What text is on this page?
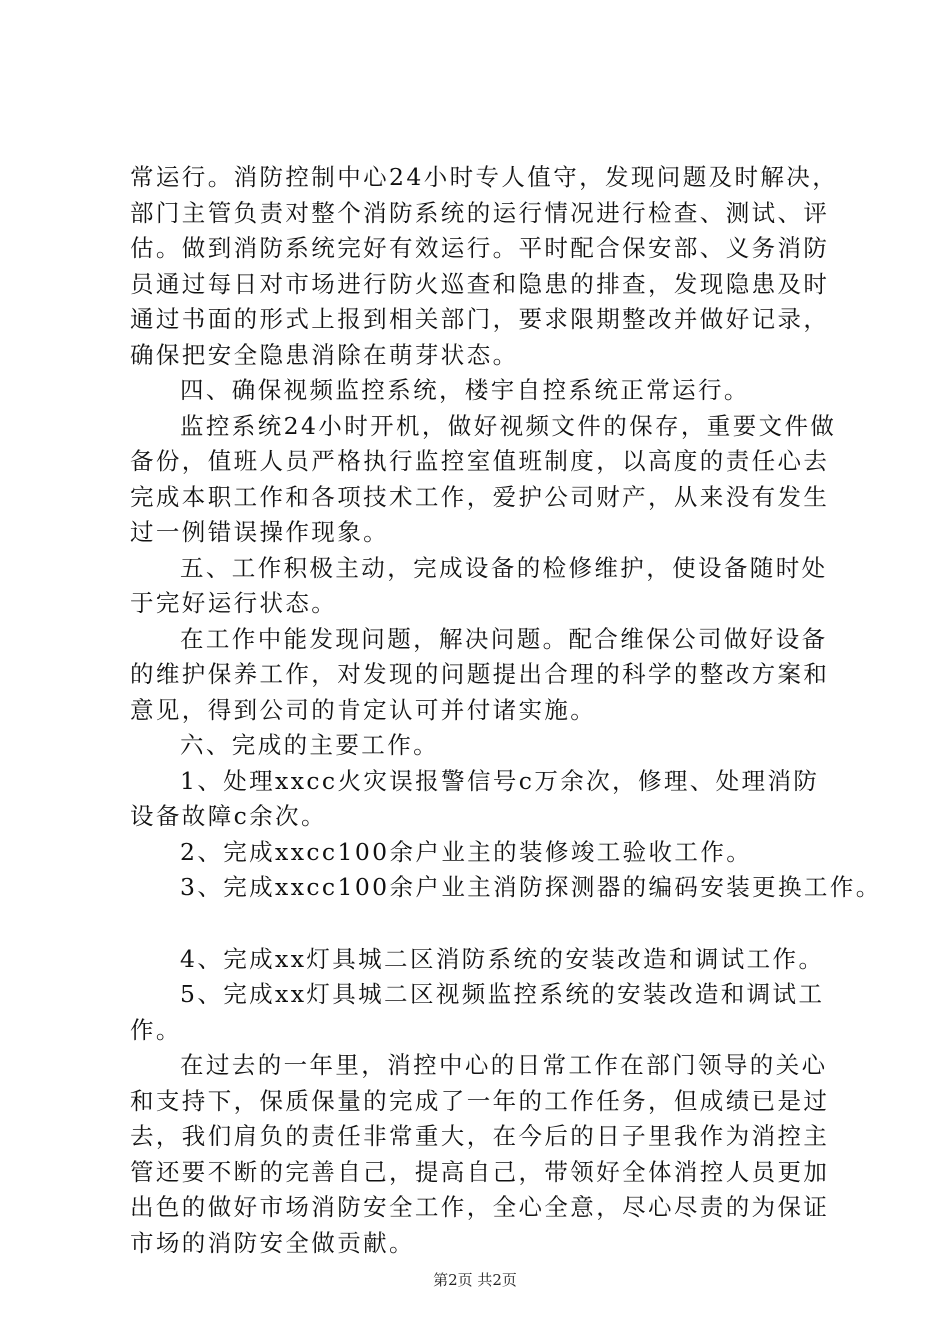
常运行。消防控制中心24小时专人值守，发现问题及时解决，

部门主管负责对整个消防系统的运行情况进行检查、测试、评

估。做到消防系统完好有效运行。平时配合保安部、义务消防

员通过每日对市场进行防火巡查和隐患的排查，发现隐患及时

通过书面的形式上报到相关部门，要求限期整改并做好记录，

确保把安全隐患消除在萌芽状态。

四、确保视频监控系统，楼宇自控系统正常运行。

监控系统24小时开机，做好视频文件的保存，重要文件做

备份，值班人员严格执行监控室值班制度，以高度的责任心去

完成本职工作和各项技术工作，爱护公司财产，从来没有发生

过一例错误操作现象。

五、工作积极主动，完成设备的检修维护，使设备随时处

于完好运行状态。

在工作中能发现问题，解决问题。配合维保公司做好设备

的维护保养工作，对发现的问题提出合理的科学的整改方案和

意见，得到公司的肯定认可并付诸实施。

六、完成的主要工作。

1、处理xxcc火灾误报警信号c万余次，修理、处理消防

设备故障c余次。

2、完成xxcc100余户业主的装修竣工验收工作。

3、完成xxcc100余户业主消防探测器的编码安装更换工作。

4、完成xx灯具城二区消防系统的安装改造和调试工作。

5、完成xx灯具城二区视频监控系统的安装改造和调试工

作。

在过去的一年里，消控中心的日常工作在部门领导的关心

和支持下，保质保量的完成了一年的工作任务，但成绩已是过

去，我们肩负的责任非常重大，在今后的日子里我作为消控主

管还要不断的完善自己，提高自己，带领好全体消控人员更加

出色的做好市场消防安全工作，全心全意，尽心尽责的为保证

市场的消防安全做贡献。

第2页 共2页
